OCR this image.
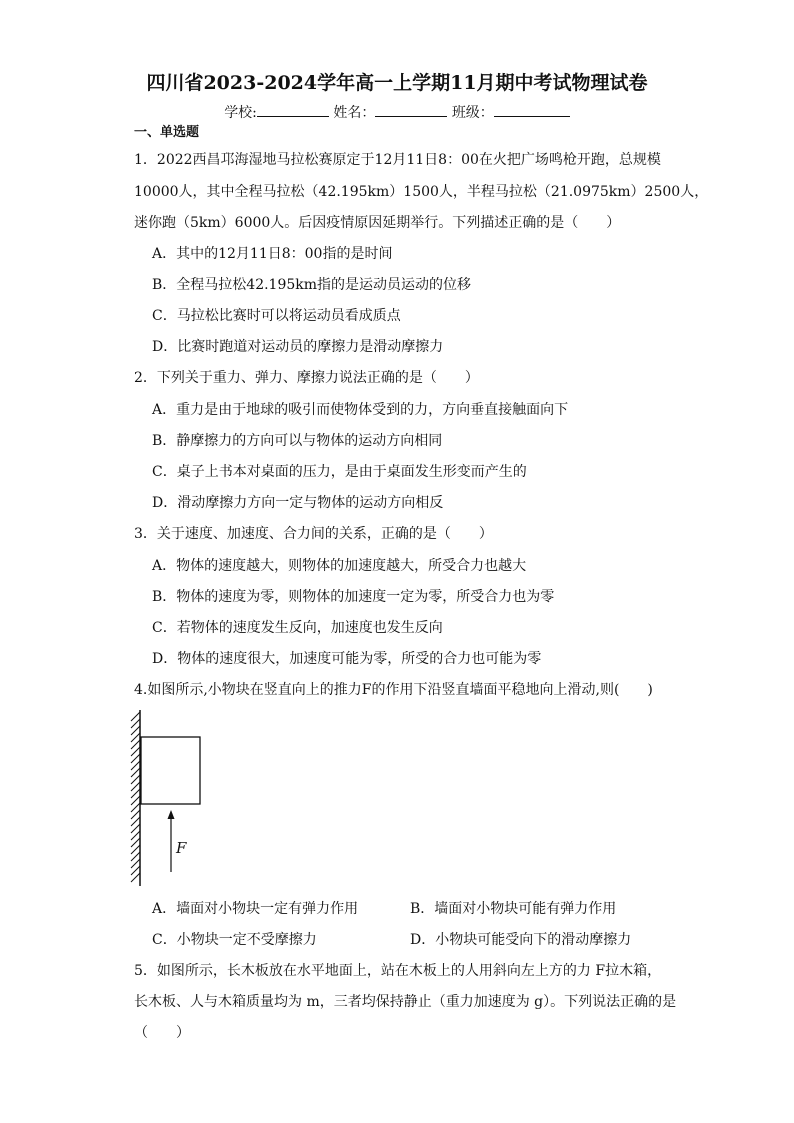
四川省2023-2024学年高一上学期11月期中考试物理试卷
学校:	姓名：	班级：
一、单选题
1．2022西昌邛海湿地马拉松赛原定于12月11日8：00在火把广场鸣枪开跑，总规模
10000人，其中全程马拉松（42.195km）1500人，半程马拉松（21.0975km）2500人，
迷你跑（5km）6000人。后因疫情原因延期举行。下列描述正确的是（　　）
A．其中的12月11日8：00指的是时间
B．全程马拉松42.195km指的是运动员运动的位移
C．马拉松比赛时可以将运动员看成质点
D．比赛时跑道对运动员的摩擦力是滑动摩擦力
2．下列关于重力、弹力、摩擦力说法正确的是（　　）
A．重力是由于地球的吸引而使物体受到的力，方向垂直接触面向下
B．静摩擦力的方向可以与物体的运动方向相同
C．桌子上书本对桌面的压力，是由于桌面发生形变而产生的
D．滑动摩擦力方向一定与物体的运动方向相反
3．关于速度、加速度、合力间的关系，正确的是（　　）
A．物体的速度越大，则物体的加速度越大，所受合力也越大
B．物体的速度为零，则物体的加速度一定为零，所受合力也为零
C．若物体的速度发生反向，加速度也发生反向
D．物体的速度很大，加速度可能为零，所受的合力也可能为零
4.如图所示,小物块在竖直向上的推力F的作用下沿竖直墙面平稳地向上滑动,则(　　)
F
A．墙面对小物块一定有弹力作用	B．墙面对小物块可能有弹力作用
C．小物块一定不受摩擦力	D．小物块可能受向下的滑动摩擦力
5．如图所示，长木板放在水平地面上，站在木板上的人用斜向左上方的力 F拉木箱，
长木板、人与木箱质量均为 m，三者均保持静止（重力加速度为 g）。下列说法正确的是
（　　）
